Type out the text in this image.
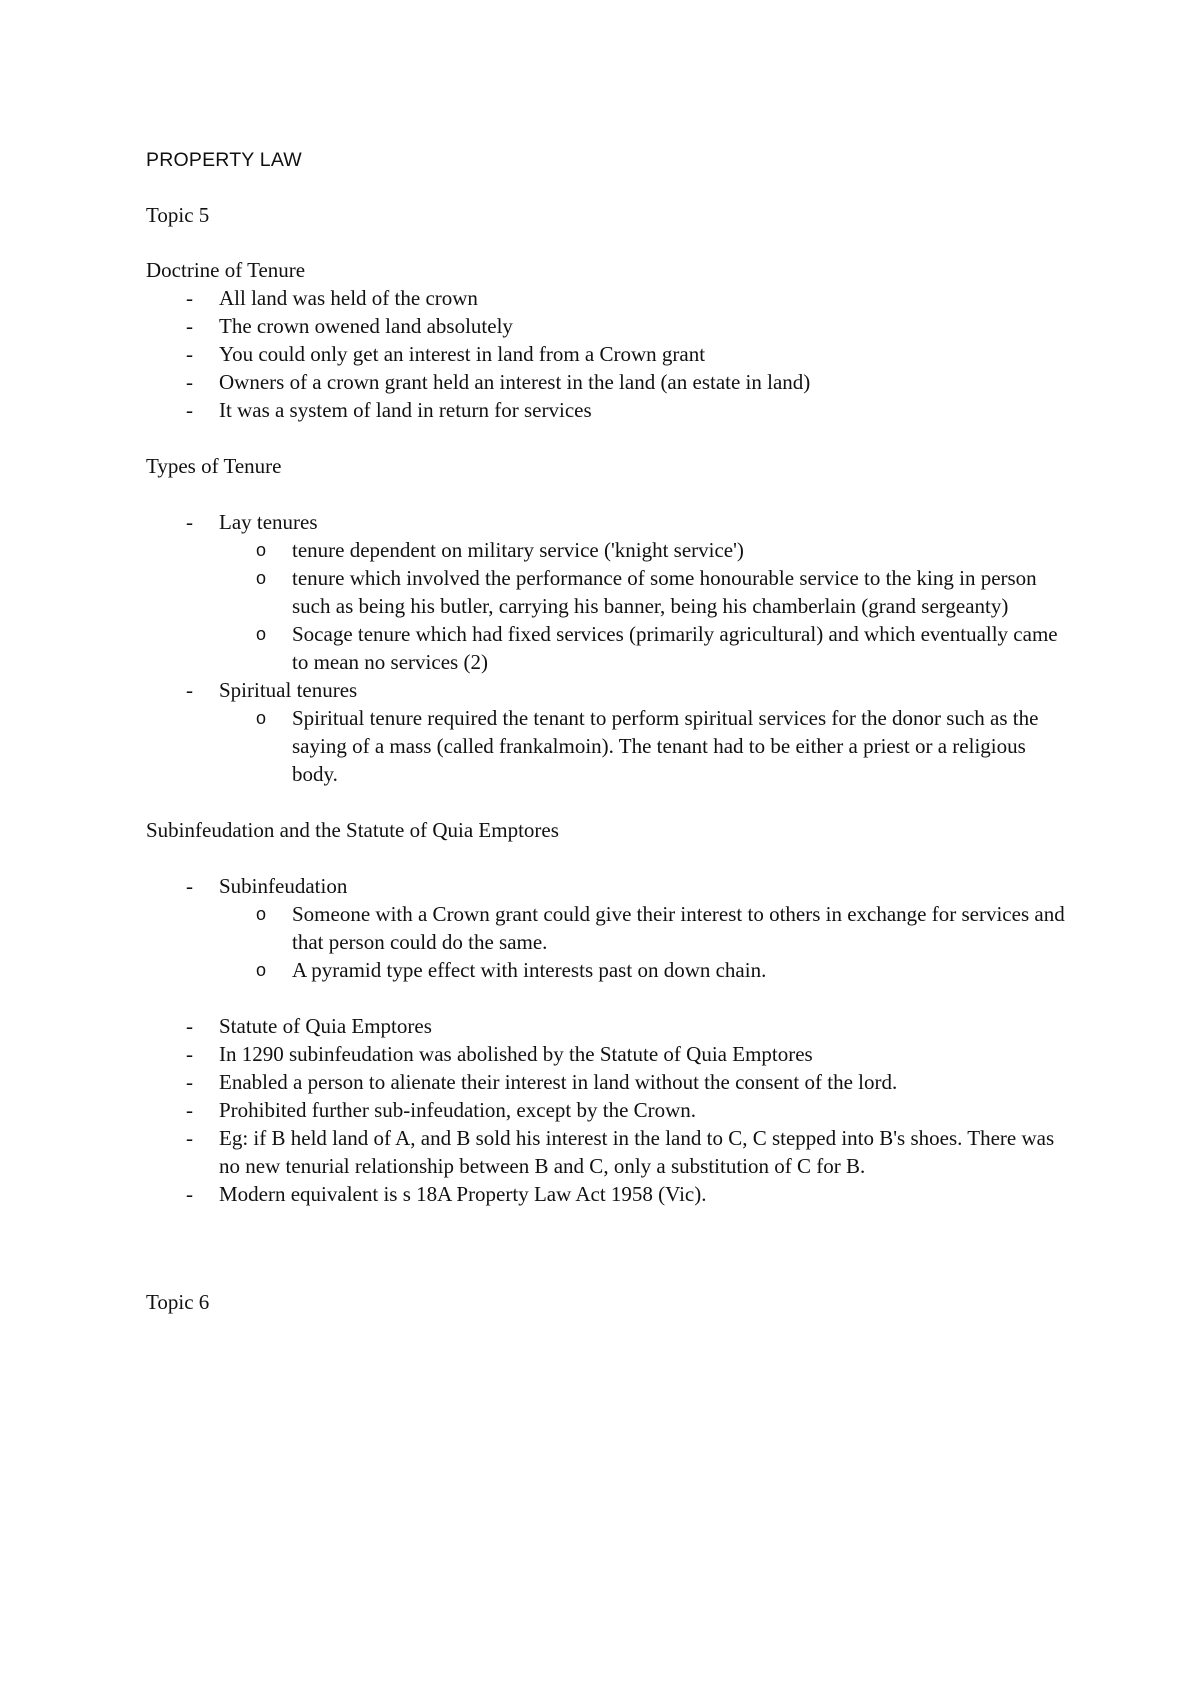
PROPERTY LAW

Topic 5

Doctrine of Tenure

-	All land was held of the crown
-	The crown owened land absolutely
-	You could only get an interest in land from a Crown grant
-	Owners of a crown grant held an interest in the land (an estate in land)
-	It was a system of land in return for services

Types of Tenure

-	Lay tenures
o tenure dependent on military service ('knight service')
o tenure which involved the performance of some honourable service to the king in person such as being his butler, carrying his banner, being his chamberlain (grand sergeanty)
o Socage tenure which had fixed services (primarily agricultural) and which eventually came to mean no services (2)
-	Spiritual tenures
o Spiritual tenure required the tenant to perform spiritual services for the donor such as the saying of a mass (called frankalmoin). The tenant had to be either a priest or a religious body.

Subinfeudation and the Statute of Quia Emptores

-	Subinfeudation
o Someone with a Crown grant could give their interest to others in exchange for services and that person could do the same.
o A pyramid type effect with interests past on down chain.
-	Statute of Quia Emptores
-	In 1290 subinfeudation was abolished by the Statute of Quia Emptores
-	Enabled a person to alienate their interest in land without the consent of the lord.
-	Prohibited further sub-infeudation, except by the Crown.
-	Eg: if B held land of A, and B sold his interest in the land to C, C stepped into B's shoes. There was no new tenurial relationship between B and C, only a substitution of C for B.
-	Modern equivalent is s 18A Property Law Act 1958 (Vic).

Topic 6
